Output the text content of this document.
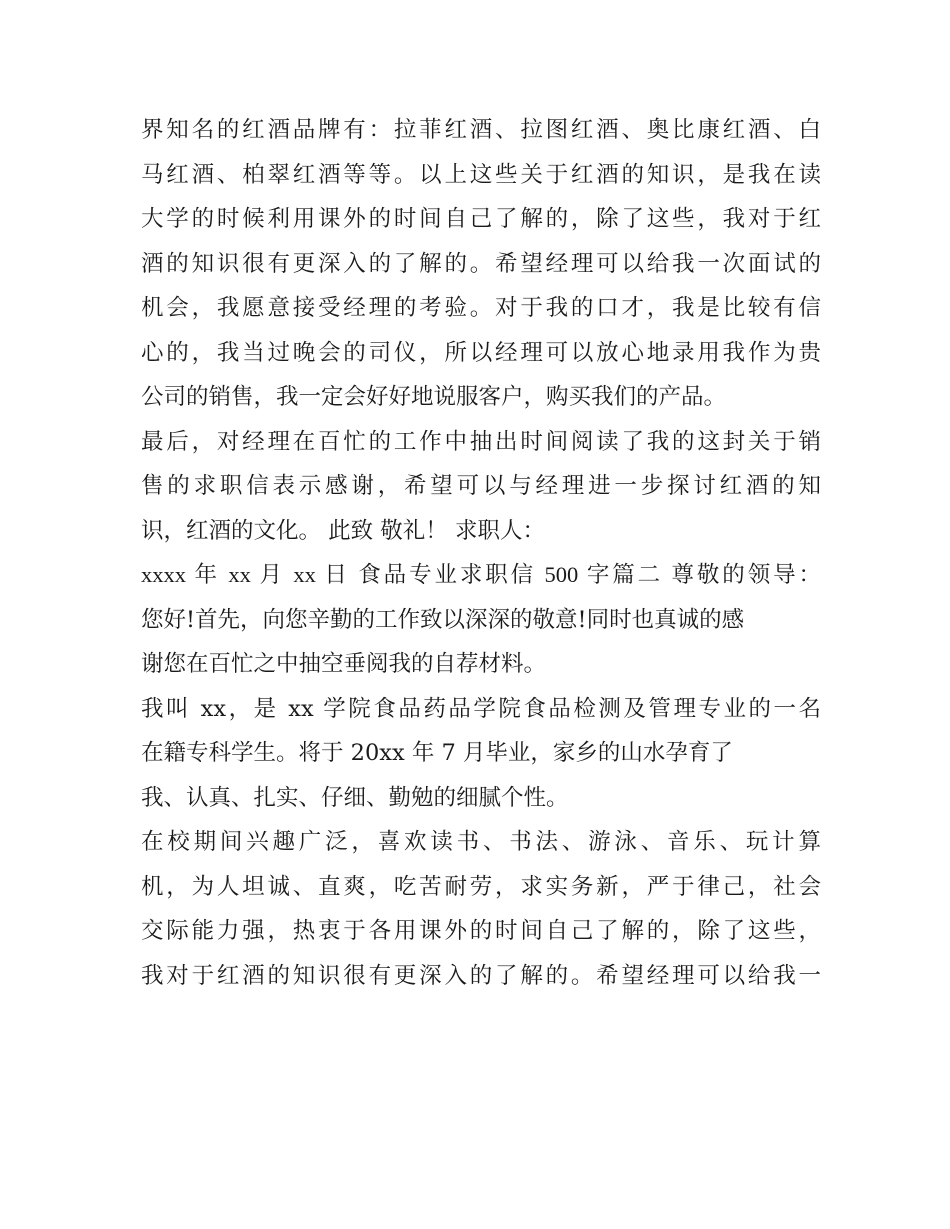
界知名的红酒品牌有：拉菲红酒、拉图红酒、奥比康红酒、白
马红酒、柏翠红酒等等。以上这些关于红酒的知识，是我在读
大学的时候利用课外的时间自己了解的，除了这些，我对于红
酒的知识很有更深入的了解的。希望经理可以给我一次面试的
机会，我愿意接受经理的考验。对于我的口才，我是比较有信
心的，我当过晚会的司仪，所以经理可以放心地录用我作为贵
公司的销售，我一定会好好地说服客户，购买我们的产品。
最后，对经理在百忙的工作中抽出时间阅读了我的这封关于销
售的求职信表示感谢，希望可以与经理进一步探讨红酒的知
识，红酒的文化。 此致 敬礼！ 求职人：
xxxx 年 xx 月 xx 日 食品专业求职信 500 字篇二 尊敬的领导：
您好!首先，向您辛勤的工作致以深深的敬意!同时也真诚的感
谢您在百忙之中抽空垂阅我的自荐材料。
我叫 xx，是 xx 学院食品药品学院食品检测及管理专业的一名
在籍专科学生。将于 20xx 年 7 月毕业，家乡的山水孕育了
我、认真、扎实、仔细、勤勉的细腻个性。
在校期间兴趣广泛，喜欢读书、书法、游泳、音乐、玩计算
机，为人坦诚、直爽，吃苦耐劳，求实务新，严于律己，社会
交际能力强，热衷于各用课外的时间自己了解的，除了这些，
我对于红酒的知识很有更深入的了解的。希望经理可以给我一
